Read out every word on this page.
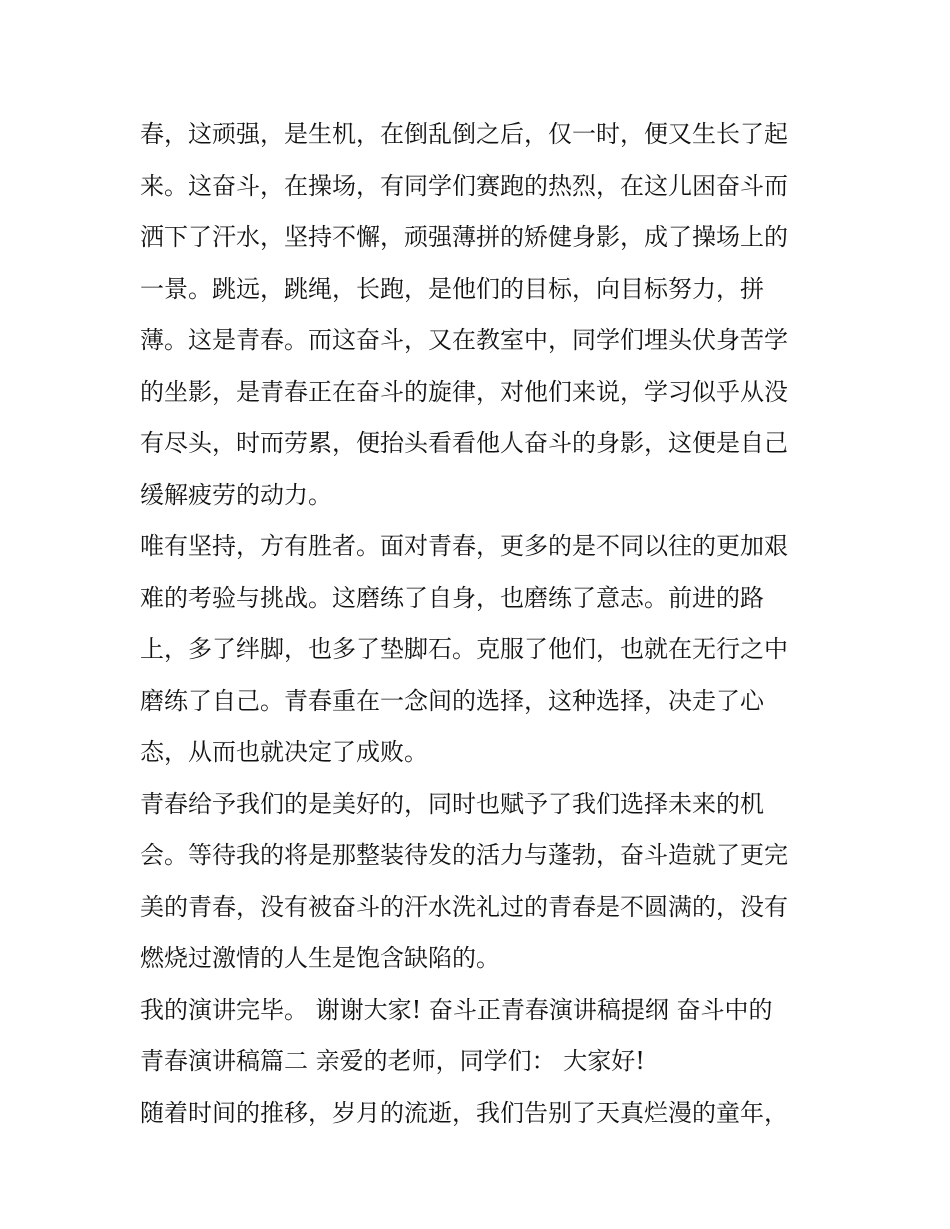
春，这顽强，是生机，在倒乱倒之后，仅一时，便又生长了起
来。这奋斗，在操场，有同学们赛跑的热烈，在这儿困奋斗而
洒下了汗水，坚持不懈，顽强薄拼的矫健身影，成了操场上的
一景。跳远，跳绳，长跑，是他们的目标，向目标努力，拼
薄。这是青春。而这奋斗，又在教室中，同学们埋头伏身苦学
的坐影，是青春正在奋斗的旋律，对他们来说，学习似乎从没
有尽头，时而劳累，便抬头看看他人奋斗的身影，这便是自己
缓解疲劳的动力。

唯有坚持，方有胜者。面对青春，更多的是不同以往的更加艰
难的考验与挑战。这磨练了自身，也磨练了意志。前进的路
上，多了绊脚，也多了垫脚石。克服了他们，也就在无行之中
磨练了自己。青春重在一念间的选择，这种选择，决走了心
态，从而也就决定了成败。

青春给予我们的是美好的，同时也赋予了我们选择未来的机
会。等待我的将是那整装待发的活力与蓬勃，奋斗造就了更完
美的青春，没有被奋斗的汗水洗礼过的青春是不圆满的，没有
燃烧过激情的人生是饱含缺陷的。

我的演讲完毕。 谢谢大家! 奋斗正青春演讲稿提纲 奋斗中的
青春演讲稿篇二 亲爱的老师，同学们： 大家好!

随着时间的推移，岁月的流逝，我们告别了天真烂漫的童年，
